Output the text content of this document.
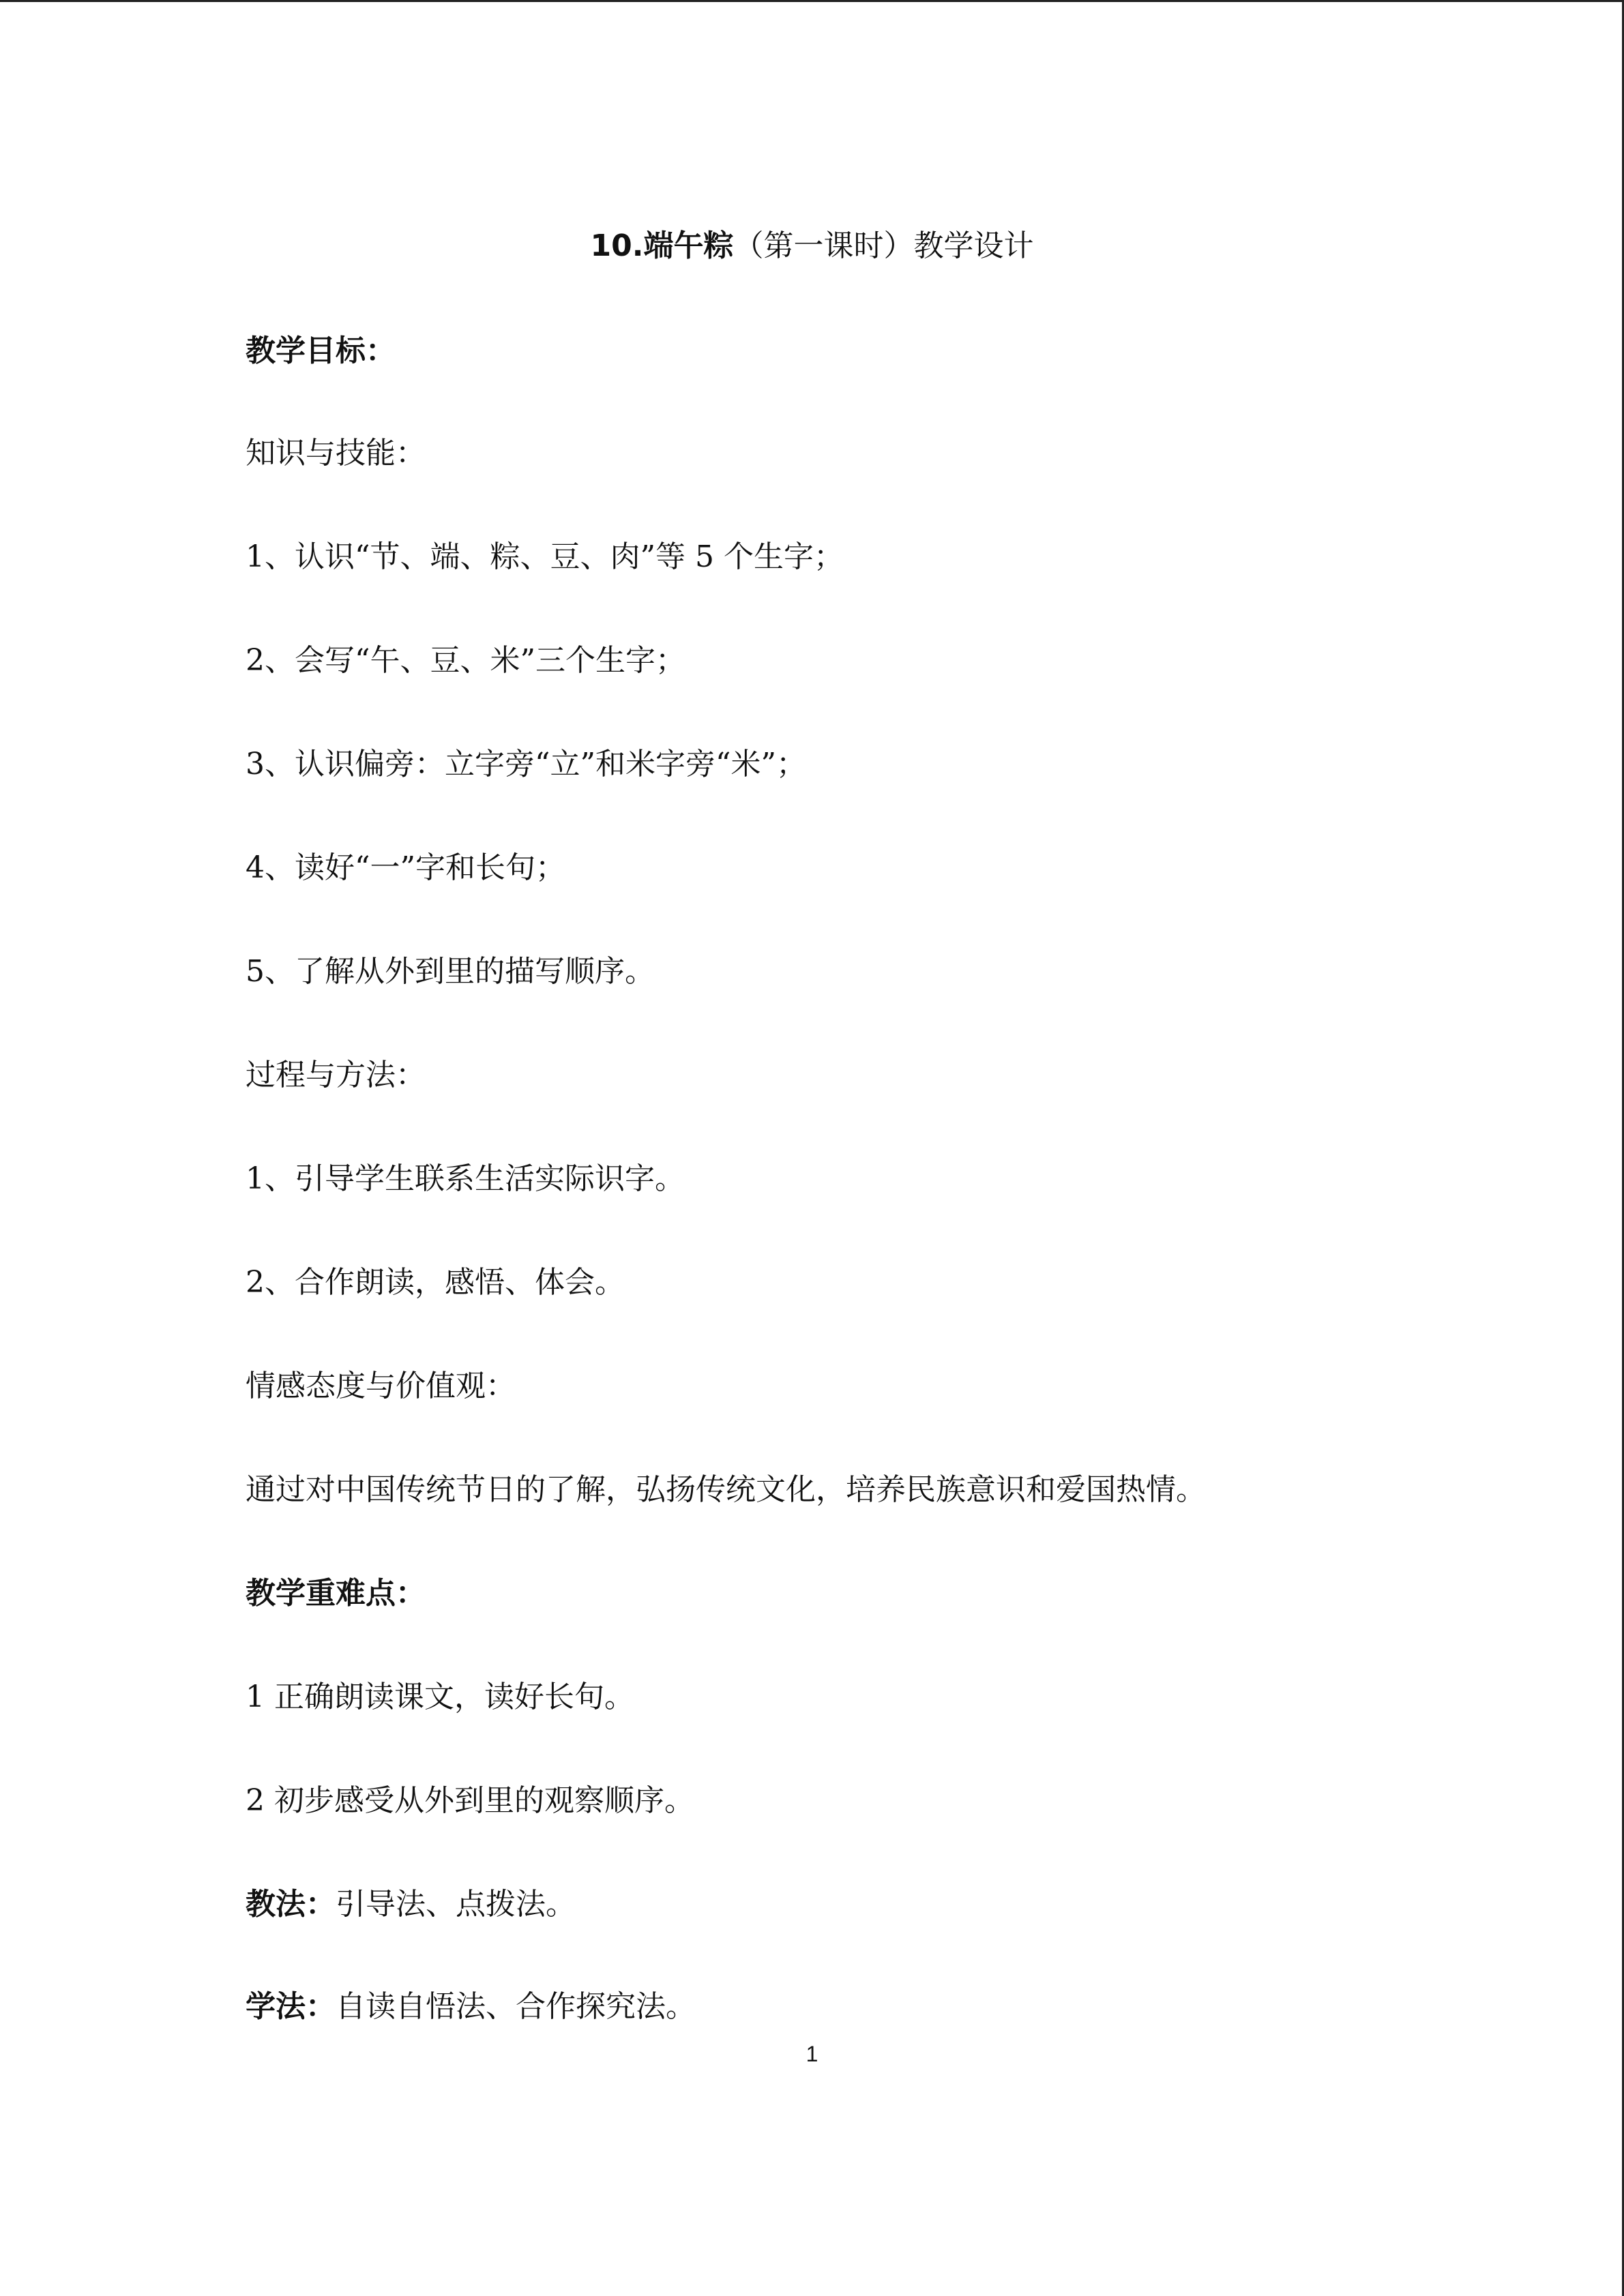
10.端午粽（第一课时）教学设计
教学目标：
知识与技能：
1、认识“节、端、粽、豆、肉”等 5 个生字；
2、会写“午、豆、米”三个生字；
3、认识偏旁：立字旁“立”和米字旁“米”；
4、读好“一”字和长句；
5、了解从外到里的描写顺序。
过程与方法：
1、引导学生联系生活实际识字。
2、合作朗读，感悟、体会。
情感态度与价值观：
通过对中国传统节日的了解，弘扬传统文化，培养民族意识和爱国热情。
教学重难点：
1 正确朗读课文，读好长句。
2 初步感受从外到里的观察顺序。
教法：引导法、点拨法。
学法：自读自悟法、合作探究法。
1
